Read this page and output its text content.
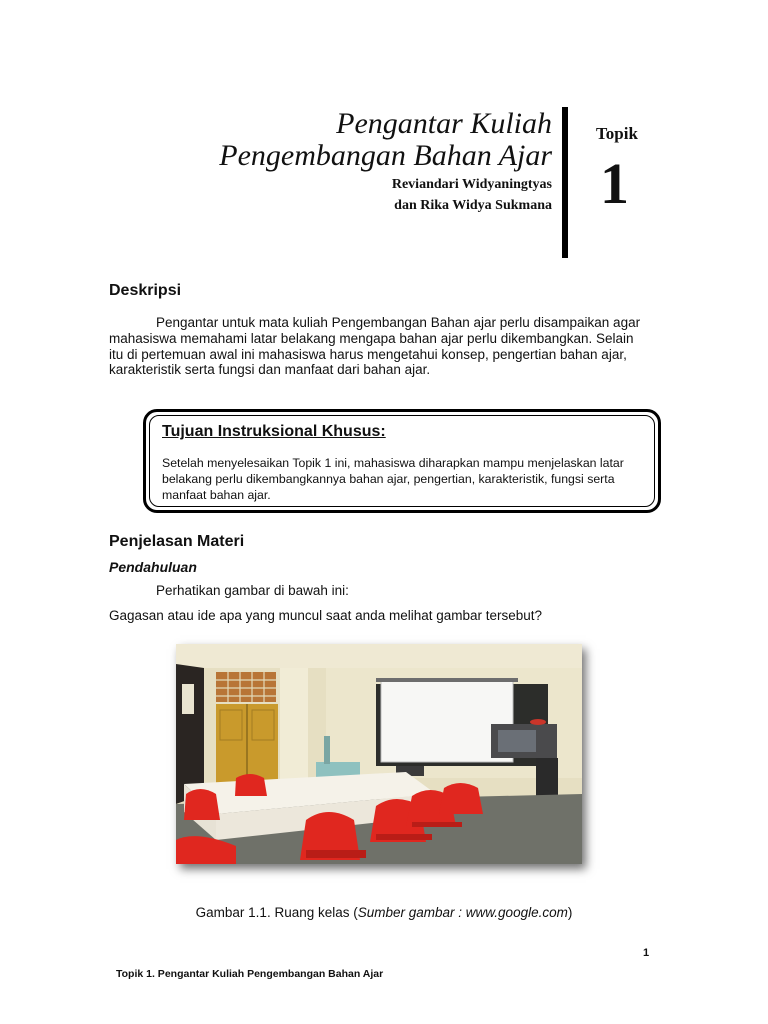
Pengantar Kuliah
Pengembangan Bahan Ajar
Reviandari Widyaningtyas
dan Rika Widya Sukmana
Topik
1
Deskripsi
Pengantar untuk mata kuliah Pengembangan Bahan ajar perlu disampaikan agar
mahasiswa memahami latar belakang mengapa bahan ajar perlu dikembangkan. Selain
itu di pertemuan awal ini mahasiswa harus mengetahui konsep, pengertian bahan ajar,
karakteristik serta fungsi dan manfaat dari bahan ajar.
Tujuan Instruksional Khusus:
Setelah menyelesaikan Topik 1 ini, mahasiswa diharapkan mampu menjelaskan latar
belakang perlu dikembangkannya bahan ajar, pengertian, karakteristik, fungsi serta
manfaat bahan ajar.
Penjelasan Materi
Pendahuluan
Perhatikan gambar di bawah ini:
Gagasan atau ide apa yang muncul saat anda melihat gambar tersebut?
Gambar 1.1. Ruang kelas (Sumber gambar : www.google.com)
1
Topik 1. Pengantar Kuliah Pengembangan Bahan Ajar
